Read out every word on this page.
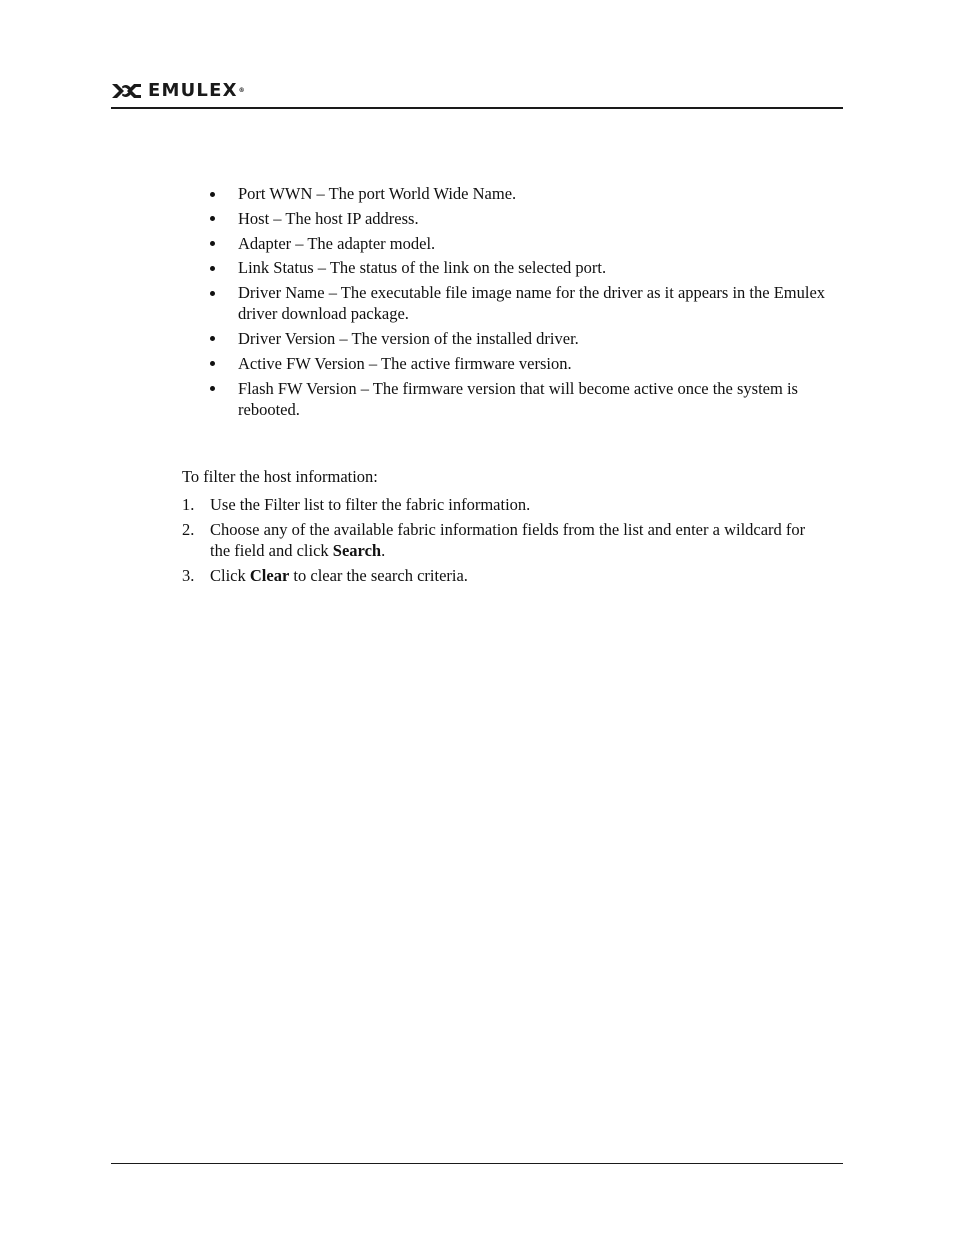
EMULEX®
Port WWN – The port World Wide Name.
Host – The host IP address.
Adapter – The adapter model.
Link Status – The status of the link on the selected port.
Driver Name – The executable file image name for the driver as it appears in the Emulex driver download package.
Driver Version – The version of the installed driver.
Active FW Version – The active firmware version.
Flash FW Version – The firmware version that will become active once the system is rebooted.

To filter the host information:

1. Use the Filter list to filter the fabric information.
2. Choose any of the available fabric information fields from the list and enter a wildcard for the field and click Search.
3. Click Clear to clear the search criteria.
